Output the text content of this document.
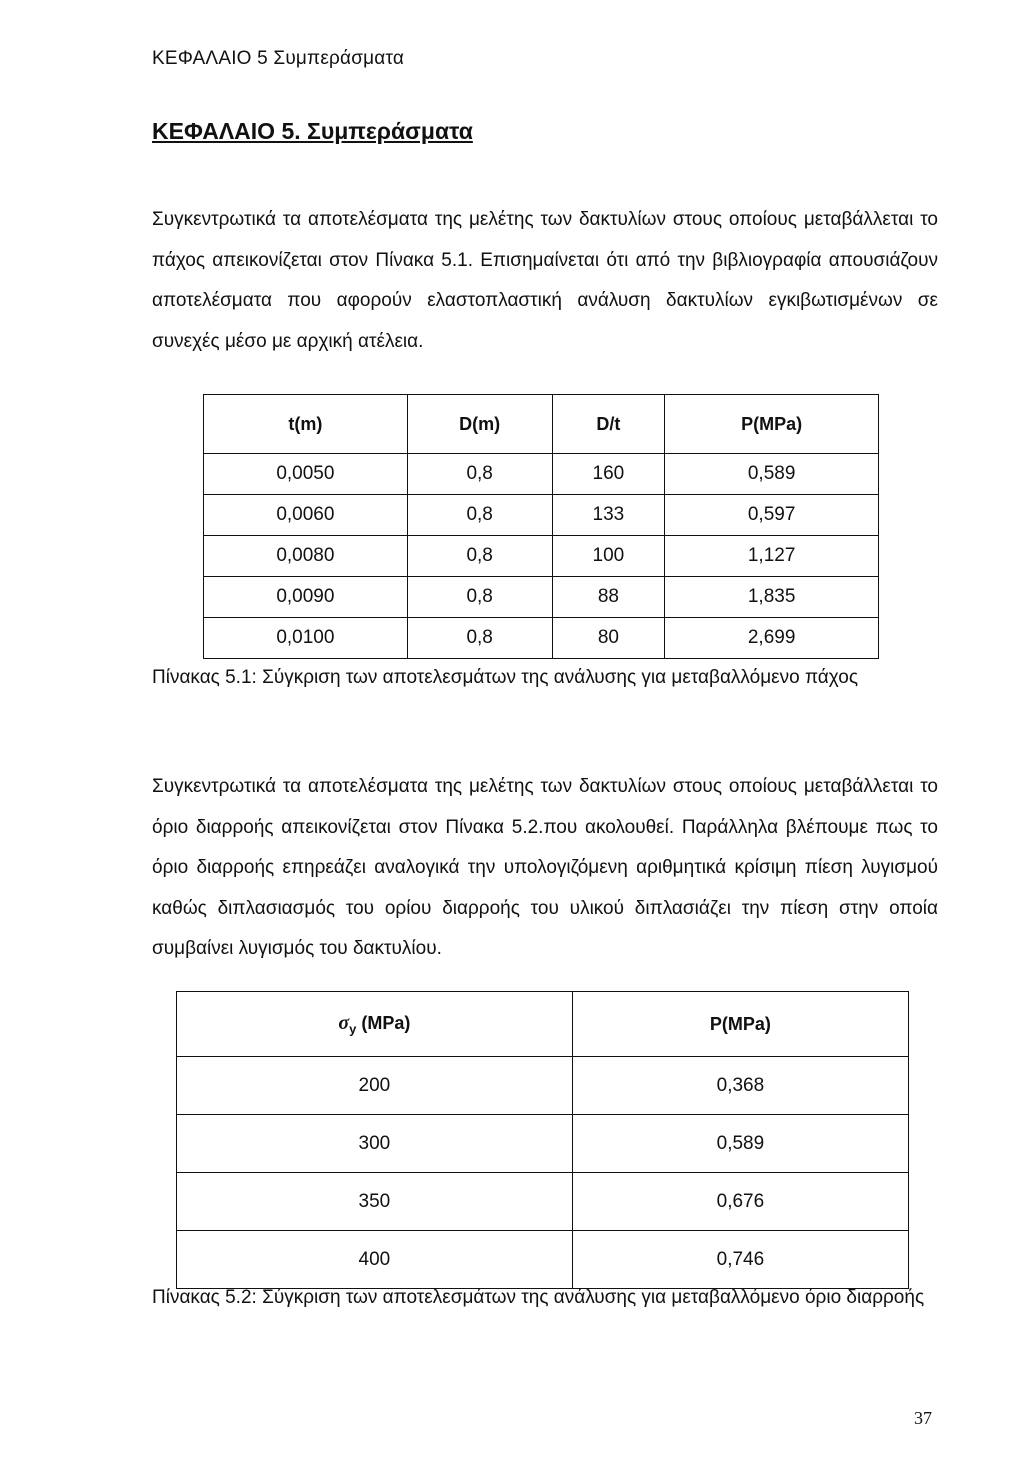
ΚΕΦΑΛΑΙΟ 5 Συμπεράσματα
ΚΕΦΑΛΑΙΟ 5. Συμπεράσματα
Συγκεντρωτικά τα αποτελέσματα της μελέτης των δακτυλίων στους οποίους μεταβάλλεται το πάχος απεικονίζεται στον Πίνακα 5.1. Επισημαίνεται ότι από την βιβλιογραφία απουσιάζουν αποτελέσματα που αφορούν ελαστοπλαστική ανάλυση δακτυλίων εγκιβωτισμένων σε συνεχές μέσο με αρχική ατέλεια.
t(m)	D(m)	D/t	P(MPa)
0,0050	0,8	160	0,589
0,0060	0,8	133	0,597
0,0080	0,8	100	1,127
0,0090	0,8	88	1,835
0,0100	0,8	80	2,699
Πίνακας 5.1: Σύγκριση των αποτελεσμάτων της ανάλυσης για μεταβαλλόμενο πάχος
Συγκεντρωτικά τα αποτελέσματα της μελέτης των δακτυλίων στους οποίους μεταβάλλεται το όριο διαρροής απεικονίζεται στον Πίνακα 5.2.που ακολουθεί. Παράλληλα βλέπουμε πως το όριο διαρροής επηρεάζει αναλογικά την υπολογιζόμενη αριθμητικά κρίσιμη πίεση λυγισμού καθώς διπλασιασμός του ορίου διαρροής του υλικού διπλασιάζει την πίεση στην οποία συμβαίνει λυγισμός του δακτυλίου.
$\sigma_y$ (MPa)	P(MPa)
200	0,368
300	0,589
350	0,676
400	0,746
Πίνακας 5.2: Σύγκριση των αποτελεσμάτων της ανάλυσης για μεταβαλλόμενο όριο διαρροής
37
